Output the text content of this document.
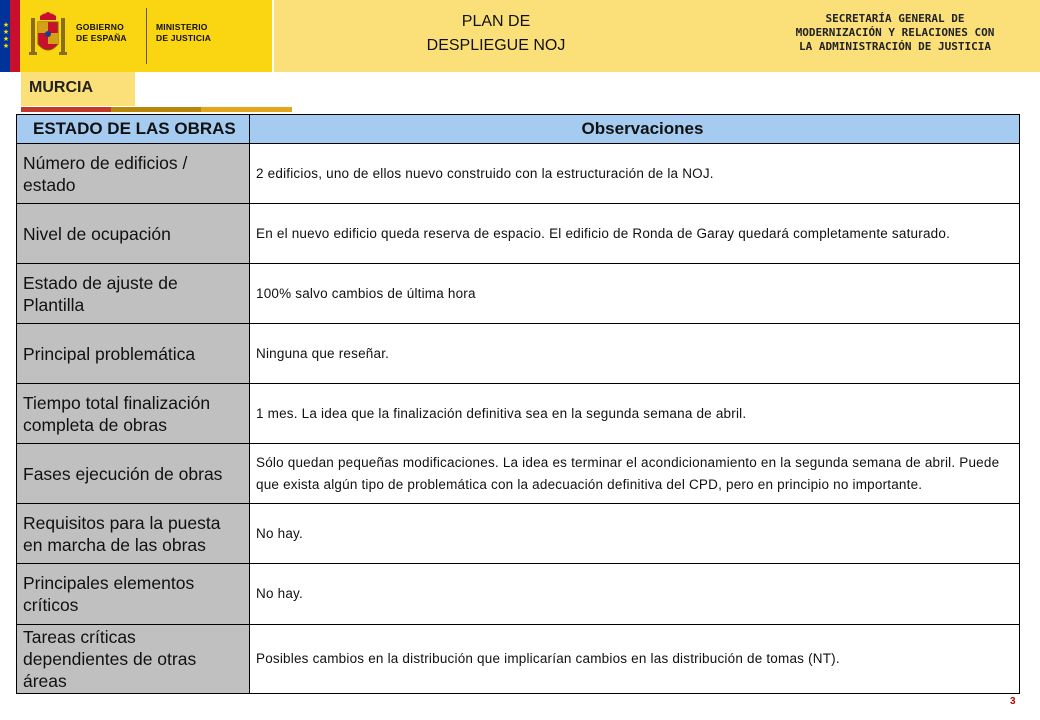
★
★
★
★
GOBIERNO
DE ESPAÑA
MINISTERIO
DE JUSTICIA
PLAN DE
DESPLIEGUE NOJ
SECRETARÍA GENERAL DE
MODERNIZACIÓN Y RELACIONES CON
LA ADMINISTRACIÓN DE JUSTICIA
MURCIA
ESTADO DE LAS OBRAS	Observaciones
Número de edificios / estado	2 edificios, uno de ellos nuevo construido con la estructuración de la NOJ.
Nivel de ocupación	En el nuevo edificio queda reserva de espacio. El edificio de Ronda de Garay quedará completamente saturado.
Estado de ajuste de Plantilla	100% salvo cambios de última hora
Principal problemática	Ninguna que reseñar.
Tiempo total finalización completa de obras	1 mes. La idea que la finalización definitiva sea en la segunda semana de abril.
Fases ejecución de obras	Sólo quedan pequeñas modificaciones. La idea es terminar el acondicionamiento en la segunda semana de abril. Puede que exista algún tipo de problemática con la adecuación definitiva del CPD, pero en principio no importante.
Requisitos para la puesta en marcha de las obras	No hay.
Principales elementos críticos	No hay.
Tareas críticas dependientes de otras áreas	Posibles cambios en la distribución que implicarían cambios en las distribución de tomas (NT).
3
